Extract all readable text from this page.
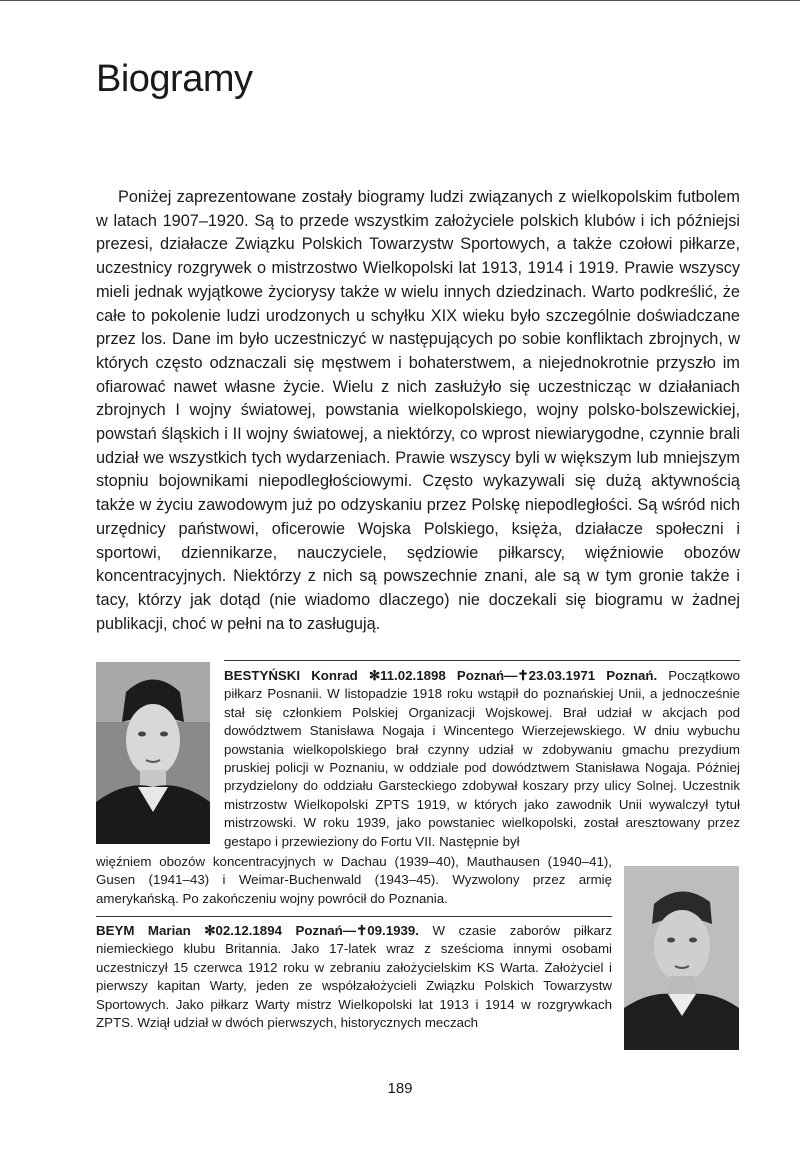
Biogramy

Poniżej zaprezentowane zostały biogramy ludzi związanych z wielkopolskim futbolem w latach 1907–1920. Są to przede wszystkim założyciele polskich klubów i ich późniejsi prezesi, działacze Związku Polskich Towarzystw Sportowych, a także czołowi piłkarze, uczestnicy rozgrywek o mistrzostwo Wielkopolski lat 1913, 1914 i 1919. Prawie wszyscy mieli jednak wyjątkowe życiorysy także w wielu innych dziedzinach. Warto podkreślić, że całe to pokolenie ludzi urodzonych u schyłku XIX wieku było szczególnie doświadczane przez los. Dane im było uczestniczyć w następujących po sobie konfliktach zbrojnych, w których często odznaczali się męstwem i bohaterstwem, a niejednokrotnie przyszło im ofiarować nawet własne życie. Wielu z nich zasłużyło się uczestnicząc w działaniach zbrojnych I wojny światowej, powstania wielkopolskiego, wojny polsko-bolszewickiej, powstań śląskich i II wojny światowej, a niektórzy, co wprost niewiarygodne, czynnie brali udział we wszystkich tych wydarzeniach. Prawie wszyscy byli w większym lub mniejszym stopniu bojownikami niepodległościowymi. Często wykazywali się dużą aktywnością także w życiu zawodowym już po odzyskaniu przez Polskę niepodległości. Są wśród nich urzędnicy państwowi, oficerowie Wojska Polskiego, księża, działacze społeczni i sportowi, dziennikarze, nauczyciele, sędziowie piłkarscy, więźniowie obozów koncentracyjnych. Niektórzy z nich są powszechnie znani, ale są w tym gronie także i tacy, którzy jak dotąd (nie wiadomo dlaczego) nie doczekali się biogramu w żadnej publikacji, choć w pełni na to zasługują.

BESTYŃSKI Konrad ✻11.02.1898 Poznań—✝23.03.1971 Poznań. Początkowo piłkarz Posnanii. W listopadzie 1918 roku wstąpił do poznańskiej Unii, a jednocześnie stał się członkiem Polskiej Organizacji Wojskowej. Brał udział w akcjach pod dowództwem Stanisława Nogaja i Wincentego Wierzejewskiego. W dniu wybuchu powstania wielkopolskiego brał czynny udział w zdobywaniu gmachu prezydium pruskiej policji w Poznaniu, w oddziale pod dowództwem Stanisława Nogaja. Później przydzielony do oddziału Garsteckiego zdobywał koszary przy ulicy Solnej. Uczestnik mistrzostw Wielkopolski ZPTS 1919, w których jako zawodnik Unii wywalczył tytuł mistrzowski. W roku 1939, jako powstaniec wielkopolski, został aresztowany przez gestapo i przewieziony do Fortu VII. Następnie był

więźniem obozów koncentracyjnych w Dachau (1939–40), Mauthausen (1940–41), Gusen (1941–43) i Weimar-Buchenwald (1943–45). Wyzwolony przez armię amerykańską. Po zakończeniu wojny powrócił do Poznania.

BEYM Marian ✻02.12.1894 Poznań—✝09.1939. W czasie zaborów piłkarz niemieckiego klubu Britannia. Jako 17-latek wraz z sześcioma innymi osobami uczestniczył 15 czerwca 1912 roku w zebraniu założycielskim KS Warta. Założyciel i pierwszy kapitan Warty, jeden ze współzałożycieli Związku Polskich Towarzystw Sportowych. Jako piłkarz Warty mistrz Wielkopolski lat 1913 i 1914 w rozgrywkach ZPTS. Wziął udział w dwóch pierwszych, historycznych meczach

189
